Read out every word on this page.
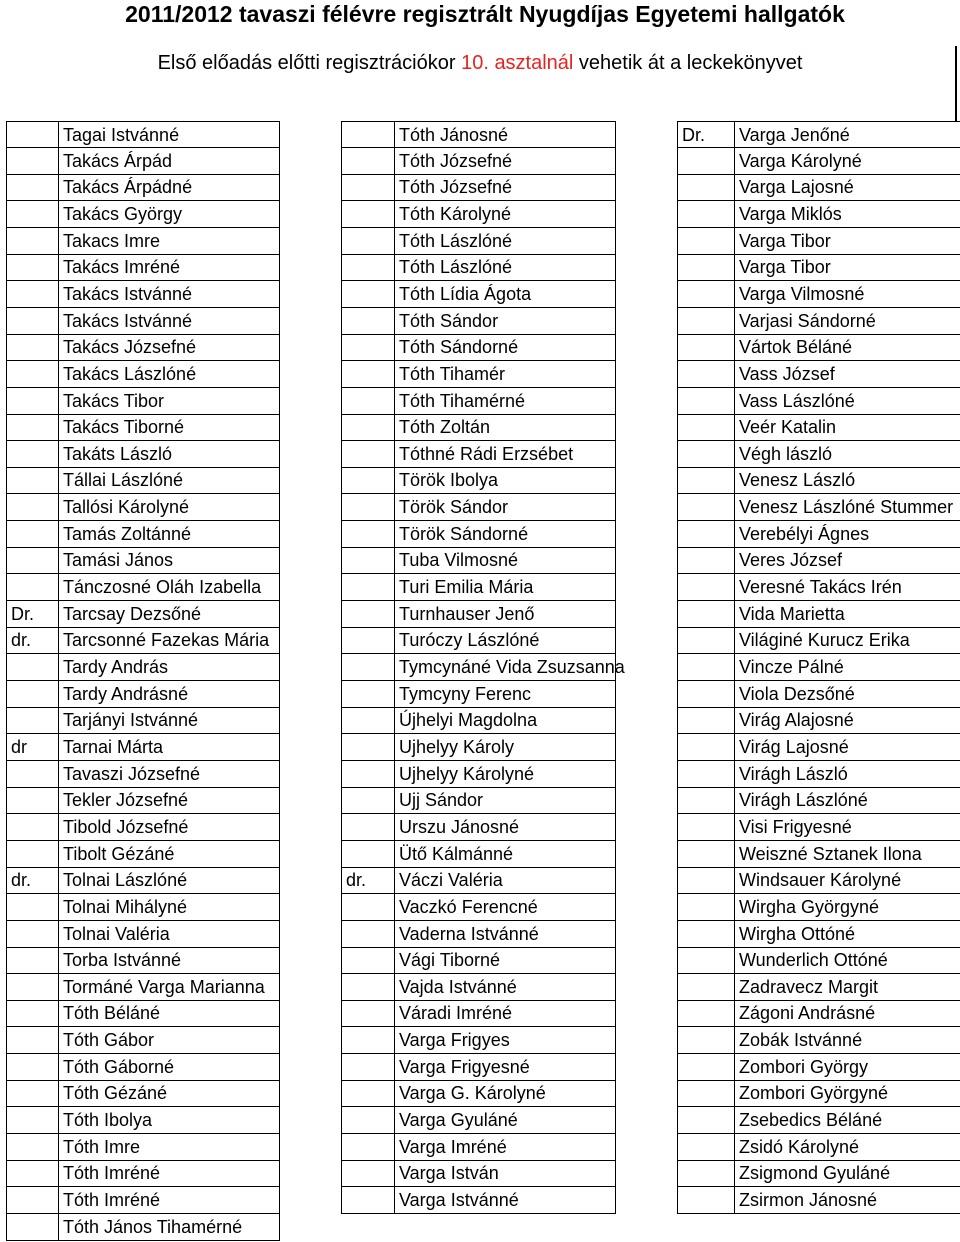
2011/2012 tavaszi félévre regisztrált Nyugdíjas Egyetemi hallgatók
Első előadás előtti regisztrációkor 10. asztalnál vehetik át a leckekönyvet
Tagai Istvánné
Takács Árpád
Takács Árpádné
Takács György
Takacs Imre
Takács Imréné
Takács Istvánné
Takács Istvánné
Takács Józsefné
Takács Lászlóné
Takács Tibor
Takács Tiborné
Takáts László
Tállai Lászlóné
Tallósi Károlyné
Tamás Zoltánné
Tamási János
Tánczosné Oláh Izabella
Dr.	Tarcsay Dezsőné
dr.	Tarcsonné Fazekas Mária
Tardy András
Tardy Andrásné
Tarjányi Istvánné
dr	Tarnai Márta
Tavaszi Józsefné
Tekler Józsefné
Tibold Józsefné
Tibolt Gézáné
dr.	Tolnai Lászlóné
Tolnai Mihályné
Tolnai Valéria
Torba Istvánné
Tormáné Varga Marianna
Tóth Béláné
Tóth Gábor
Tóth Gáborné
Tóth Gézáné
Tóth Ibolya
Tóth Imre
Tóth Imréné
Tóth Imréné
Tóth János Tihamérné
Tóth Jánosné
Tóth Józsefné
Tóth Józsefné
Tóth Károlyné
Tóth Lászlóné
Tóth Lászlóné
Tóth Lídia Ágota
Tóth Sándor
Tóth Sándorné
Tóth Tihamér
Tóth Tihamérné
Tóth Zoltán
Tóthné Rádi Erzsébet
Török Ibolya
Török Sándor
Török Sándorné
Tuba Vilmosné
Turi Emilia Mária
Turnhauser Jenő
Turóczy Lászlóné
Tymcynáné Vida Zsuzsanna
Tymcyny Ferenc
Újhelyi Magdolna
Ujhelyy Károly
Ujhelyy Károlyné
Ujj Sándor
Urszu Jánosné
Ütő Kálmánné
dr.	Váczi Valéria
Vaczkó Ferencné
Vaderna Istvánné
Vági Tiborné
Vajda Istvánné
Váradi Imréné
Varga Frigyes
Varga Frigyesné
Varga G. Károlyné
Varga Gyuláné
Varga Imréné
Varga István
Varga Istvánné
Dr.	Varga Jenőné
Varga Károlyné
Varga Lajosné
Varga Miklós
Varga Tibor
Varga Tibor
Varga Vilmosné
Varjasi Sándorné
Vártok Béláné
Vass József
Vass Lászlóné
Veér Katalin
Végh lászló
Venesz László
Venesz Lászlóné Stummer
Verebélyi Ágnes
Veres József
Veresné Takács Irén
Vida Marietta
Világiné Kurucz Erika
Vincze Pálné
Viola Dezsőné
Virág Alajosné
Virág Lajosné
Virágh László
Virágh Lászlóné
Visi Frigyesné
Weiszné Sztanek Ilona
Windsauer Károlyné
Wirgha Györgyné
Wirgha Ottóné
Wunderlich Ottóné
Zadravecz Margit
Zágoni Andrásné
Zobák Istvánné
Zombori György
Zombori Györgyné
Zsebedics Béláné
Zsidó Károlyné
Zsigmond Gyuláné
Zsirmon Jánosné
